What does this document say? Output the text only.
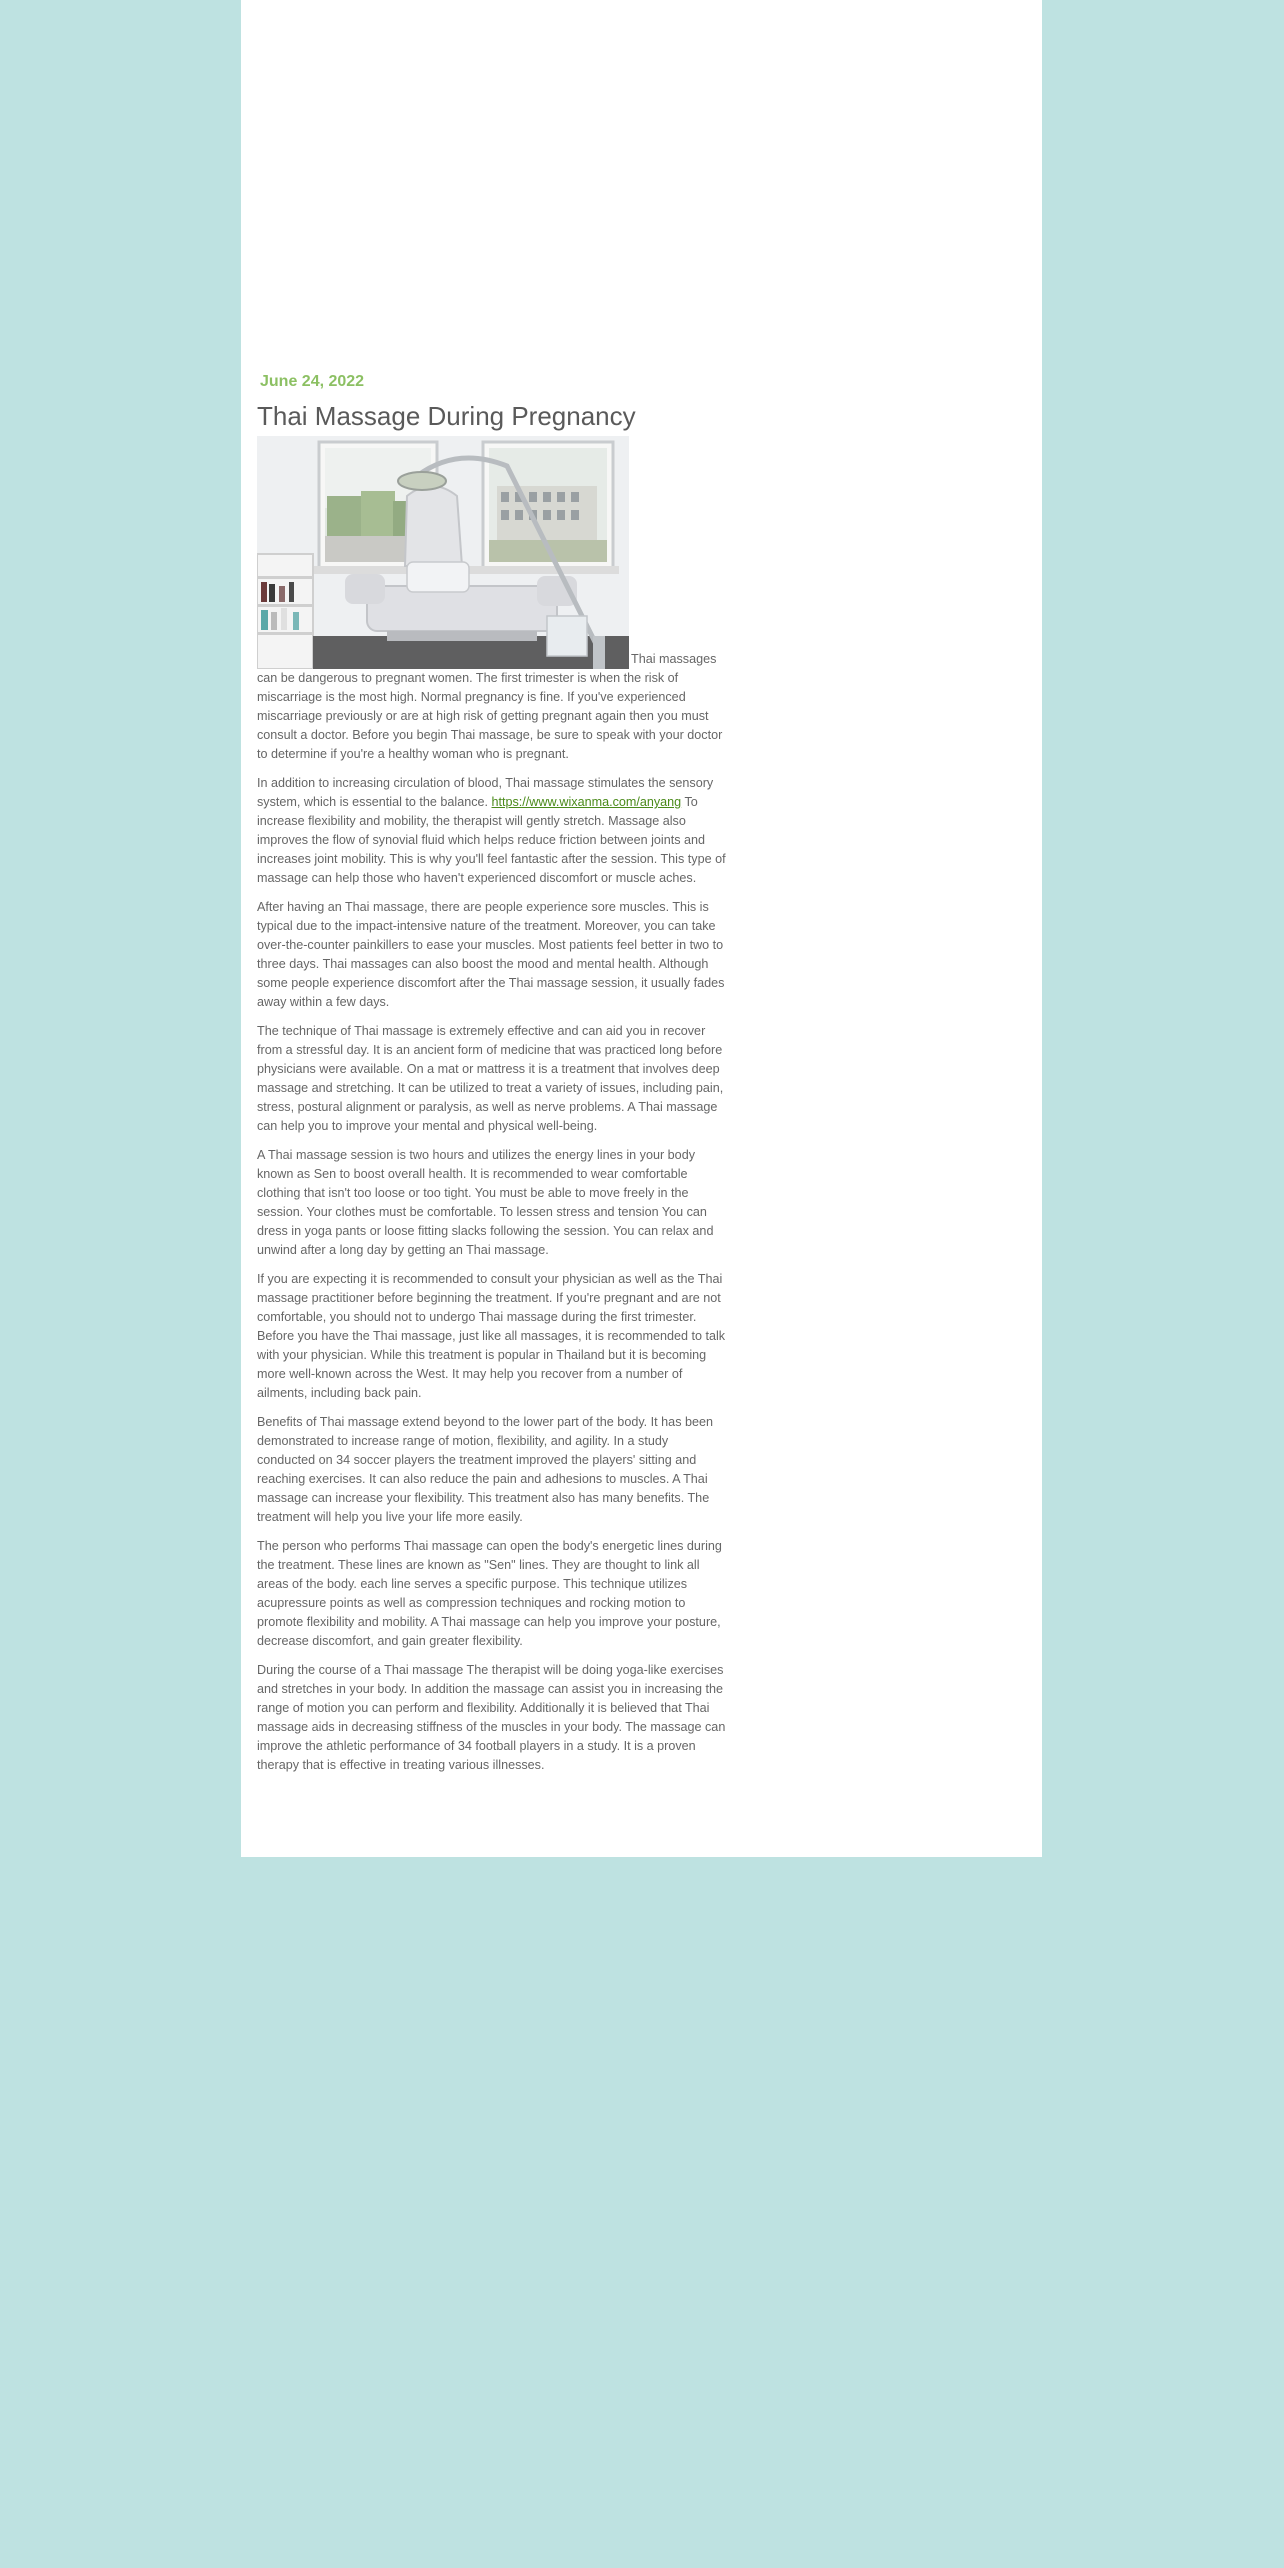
June 24, 2022
Thai Massage During Pregnancy

Thai massages can be dangerous to pregnant women. The first trimester is when the risk of miscarriage is the most high. Normal pregnancy is fine. If you've experienced miscarriage previously or are at high risk of getting pregnant again then you must consult a doctor. Before you begin Thai massage, be sure to speak with your doctor to determine if you're a healthy woman who is pregnant.

In addition to increasing circulation of blood, Thai massage stimulates the sensory system, which is essential to the balance. https://www.wixanma.com/anyang To increase flexibility and mobility, the therapist will gently stretch. Massage also improves the flow of synovial fluid which helps reduce friction between joints and increases joint mobility. This is why you'll feel fantastic after the session. This type of massage can help those who haven't experienced discomfort or muscle aches.

After having an Thai massage, there are people experience sore muscles. This is typical due to the impact-intensive nature of the treatment. Moreover, you can take over-the-counter painkillers to ease your muscles. Most patients feel better in two to three days. Thai massages can also boost the mood and mental health. Although some people experience discomfort after the Thai massage session, it usually fades away within a few days.

The technique of Thai massage is extremely effective and can aid you in recover from a stressful day. It is an ancient form of medicine that was practiced long before physicians were available. On a mat or mattress it is a treatment that involves deep massage and stretching. It can be utilized to treat a variety of issues, including pain, stress, postural alignment or paralysis, as well as nerve problems. A Thai massage can help you to improve your mental and physical well-being.

A Thai massage session is two hours and utilizes the energy lines in your body known as Sen to boost overall health. It is recommended to wear comfortable clothing that isn't too loose or too tight. You must be able to move freely in the session. Your clothes must be comfortable. To lessen stress and tension You can dress in yoga pants or loose fitting slacks following the session. You can relax and unwind after a long day by getting an Thai massage.

If you are expecting it is recommended to consult your physician as well as the Thai massage practitioner before beginning the treatment. If you're pregnant and are not comfortable, you should not to undergo Thai massage during the first trimester. Before you have the Thai massage, just like all massages, it is recommended to talk with your physician. While this treatment is popular in Thailand but it is becoming more well-known across the West. It may help you recover from a number of ailments, including back pain.

Benefits of Thai massage extend beyond to the lower part of the body. It has been demonstrated to increase range of motion, flexibility, and agility. In a study conducted on 34 soccer players the treatment improved the players' sitting and reaching exercises. It can also reduce the pain and adhesions to muscles. A Thai massage can increase your flexibility. This treatment also has many benefits. The treatment will help you live your life more easily.

The person who performs Thai massage can open the body's energetic lines during the treatment. These lines are known as "Sen" lines. They are thought to link all areas of the body. each line serves a specific purpose. This technique utilizes acupressure points as well as compression techniques and rocking motion to promote flexibility and mobility. A Thai massage can help you improve your posture, decrease discomfort, and gain greater flexibility.

During the course of a Thai massage The therapist will be doing yoga-like exercises and stretches in your body. In addition the massage can assist you in increasing the range of motion you can perform and flexibility. Additionally it is believed that Thai massage aids in decreasing stiffness of the muscles in your body. The massage can improve the athletic performance of 34 football players in a study. It is a proven therapy that is effective in treating various illnesses.
